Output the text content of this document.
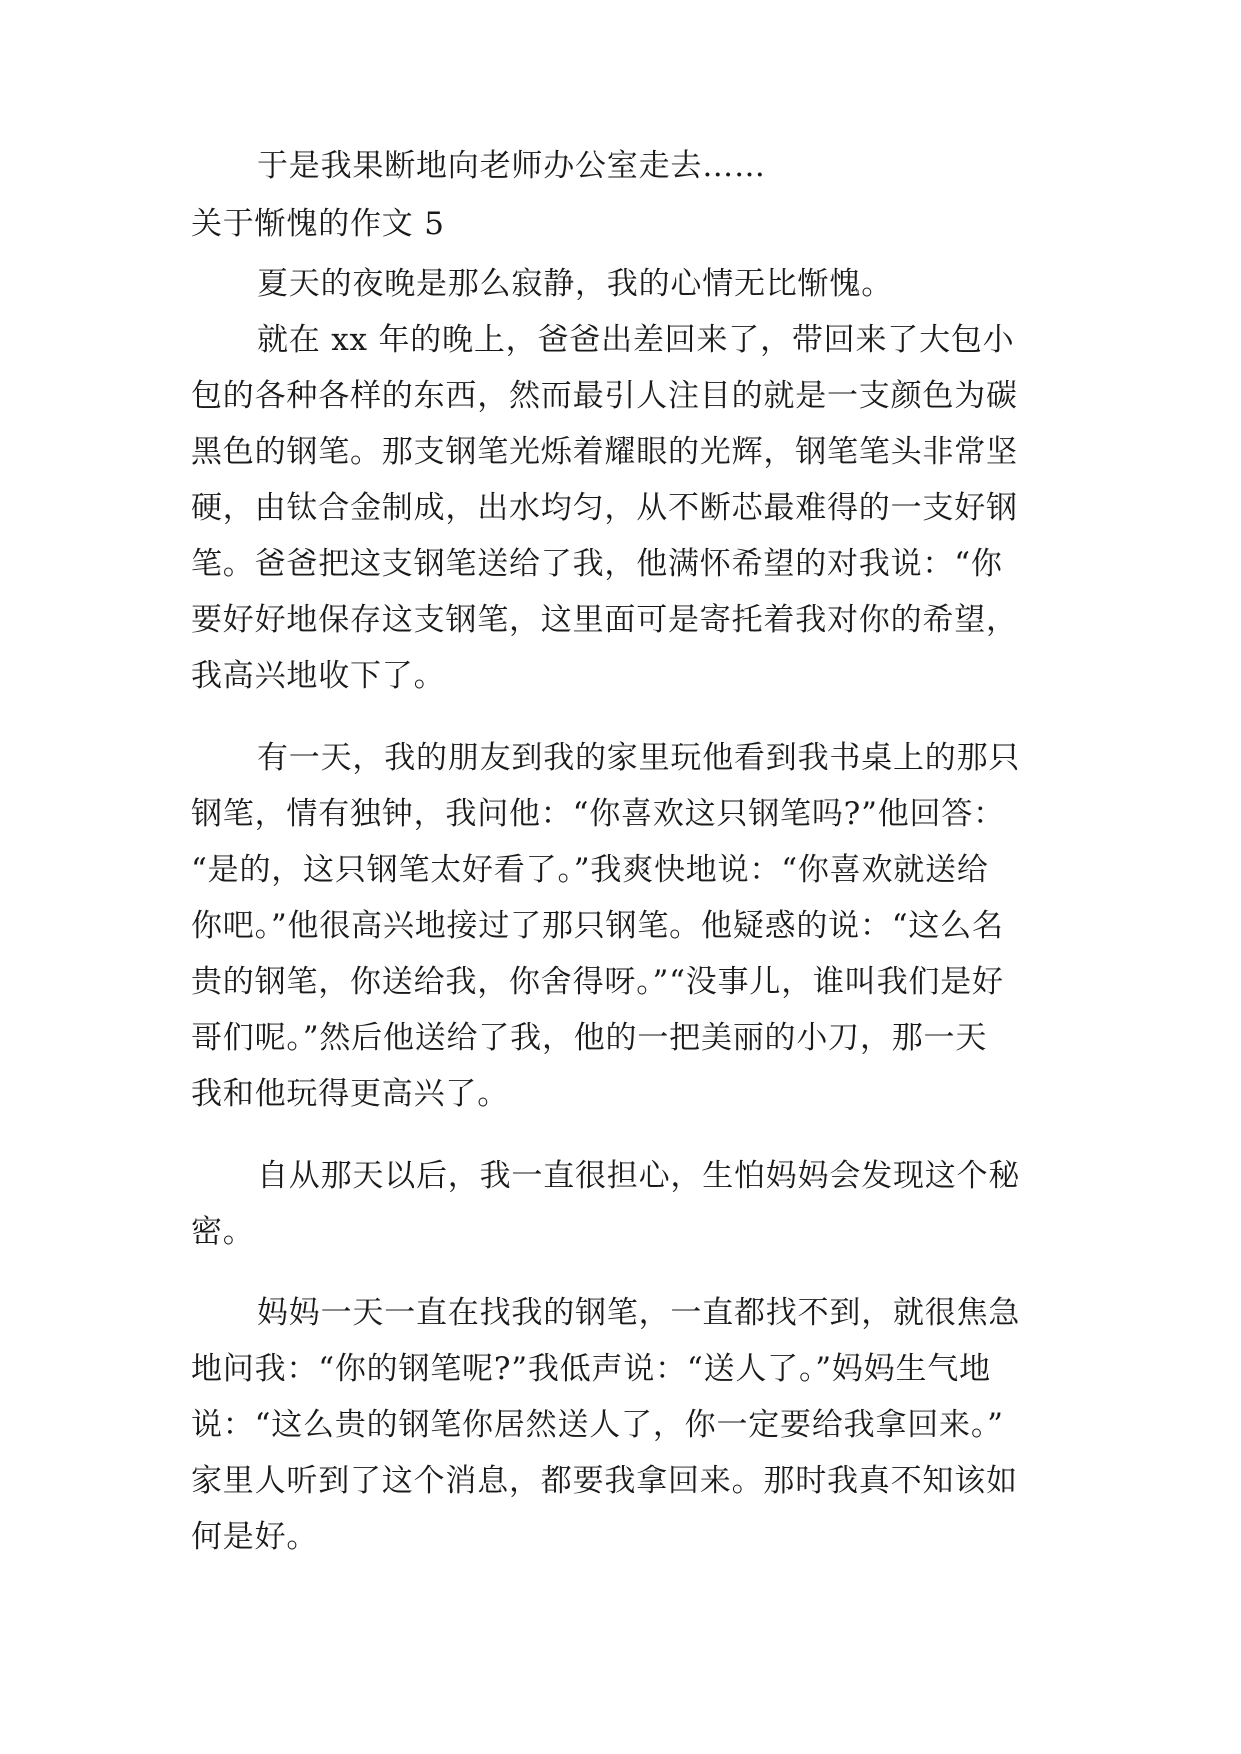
于是我果断地向老师办公室走去……

关于惭愧的作文 5

夏天的夜晚是那么寂静，我的心情无比惭愧。

就在 xx 年的晚上，爸爸出差回来了，带回来了大包小

包的各种各样的东西，然而最引人注目的就是一支颜色为碳

黑色的钢笔。那支钢笔光烁着耀眼的光辉，钢笔笔头非常坚

硬，由钛合金制成，出水均匀，从不断芯最难得的一支好钢

笔。爸爸把这支钢笔送给了我，他满怀希望的对我说：“你

要好好地保存这支钢笔，这里面可是寄托着我对你的希望，

我高兴地收下了。

有一天，我的朋友到我的家里玩他看到我书桌上的那只

钢笔，情有独钟，我问他：“你喜欢这只钢笔吗?”他回答：

“是的，这只钢笔太好看了。”我爽快地说：“你喜欢就送给

你吧。”他很高兴地接过了那只钢笔。他疑惑的说：“这么名

贵的钢笔，你送给我，你舍得呀。”“没事儿，谁叫我们是好

哥们呢。”然后他送给了我，他的一把美丽的小刀，那一天

我和他玩得更高兴了。

自从那天以后，我一直很担心，生怕妈妈会发现这个秘

密。

妈妈一天一直在找我的钢笔，一直都找不到，就很焦急

地问我：“你的钢笔呢?”我低声说：“送人了。”妈妈生气地

说：“这么贵的钢笔你居然送人了，你一定要给我拿回来。”

家里人听到了这个消息，都要我拿回来。那时我真不知该如

何是好。
